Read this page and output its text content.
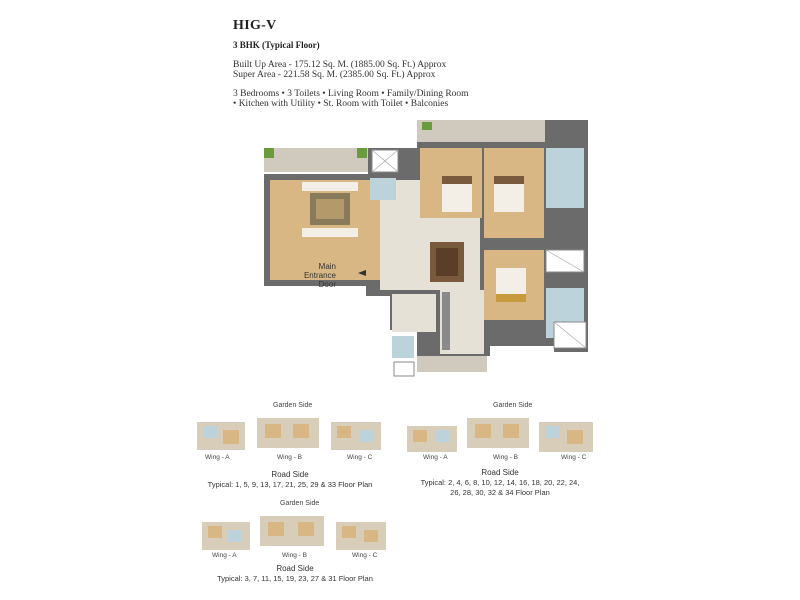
HIG-V
3 BHK (Typical Floor)
Built Up Area - 175.12 Sq. M. (1885.00 Sq. Ft.) Approx
Super Area - 221.58 Sq. M. (2385.00 Sq. Ft.) Approx
3 Bedrooms • 3 Toilets • Living Room • Family/Dining Room
• Kitchen with Utility • St. Room with Toilet • Balconies
Main
Entrance
Door
Garden Side
Wing - A	Wing - B	Wing - C
Road Side
Typical: 1, 5, 9, 13, 17, 21, 25, 29 & 33 Floor Plan
Garden Side
Wing - A	Wing - B	Wing - C
Road Side
Typical: 2, 4, 6, 8, 10, 12, 14, 16, 18, 20, 22, 24,
26, 28, 30, 32 & 34 Floor Plan
Garden Side
Wing - A	Wing - B	Wing - C
Road Side
Typical: 3, 7, 11, 15, 19, 23, 27 & 31 Floor Plan
